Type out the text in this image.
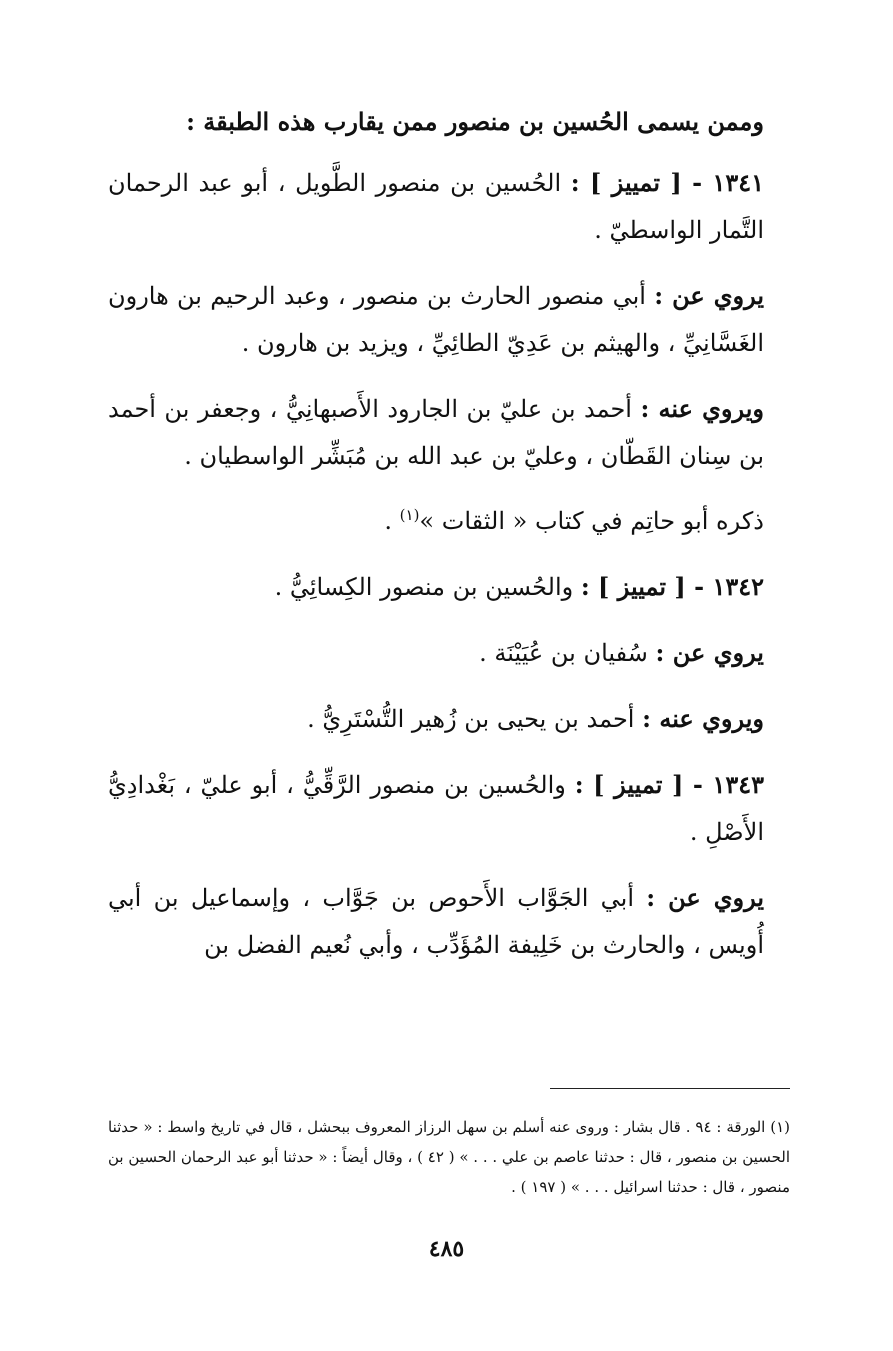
وممن يسمى الحُسين بن منصور ممن يقارب هذه الطبقة :

١٣٤١ - [ تمييز ] : الحُسين بن منصور الطَّويل ، أبو عبد الرحمان التَّمار الواسطيّ .

يروي عن : أبي منصور الحارث بن منصور ، وعبد الرحيم بن هارون الغَسَّانِيِّ ، والهيثم بن عَدِيّ الطائِيِّ ، ويزيد بن هارون .

ويروي عنه : أحمد بن عليّ بن الجارود الأَصبهانِيُّ ، وجعفر بن أحمد بن سِنان القَطّان ، وعليّ بن عبد الله بن مُبَشِّر الواسطيان .

ذكره أبو حاتِم في كتاب « الثقات »$^{(١)}$ .

١٣٤٢ - [ تمييز ] : والحُسين بن منصور الكِسائِيُّ .

يروي عن : سُفيان بن عُيَيْنَة .

ويروي عنه : أحمد بن يحيى بن زُهير التُّسْتَرِيُّ .

١٣٤٣ - [ تمييز ] : والحُسين بن منصور الرَّقِّيُّ ، أبو عليّ ، بَغْدادِيُّ الأَصْلِ .

يروي عن : أبي الجَوَّاب الأَحوص بن جَوَّاب ، وإسماعيل بن أبي أُويس ، والحارث بن خَلِيفة المُؤَدِّب ، وأبي نُعيم الفضل بن

(١) الورقة : ٩٤ . قال بشار : وروى عنه أسلم بن سهل الرزاز المعروف ببحشل ، قال في تاريخ واسط : « حدثنا الحسين بن منصور ، قال : حدثنا عاصم بن علي . . . » ( ٤٢ ) ، وقال أيضاً : « حدثنا أبو عبد الرحمان الحسين بن منصور ، قال : حدثنا اسرائيل . . . » ( ١٩٧ ) .

٤٨٥
